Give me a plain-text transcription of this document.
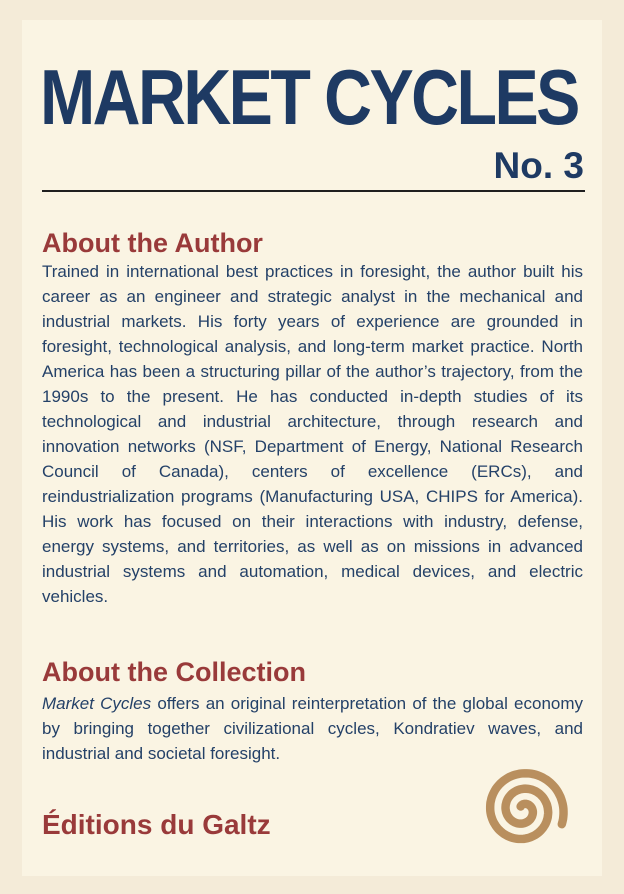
MARKET CYCLES
No. 3
About the Author

Trained in international best practices in foresight, the author built his career as an engineer and strategic analyst in the mechanical and industrial markets. His forty years of experience are grounded in foresight, technological analysis, and long-term market practice. North America has been a structuring pillar of the author’s trajectory, from the 1990s to the present. He has conducted in-depth studies of its technological and industrial architecture, through research and innovation networks (NSF, Department of Energy, National Research Council of Canada), centers of excellence (ERCs), and reindustrialization programs (Manufacturing USA, CHIPS for America). His work has focused on their interactions with industry, defense, energy systems, and territories, as well as on missions in advanced industrial systems and automation, medical devices, and electric vehicles.

About the Collection

Market Cycles offers an original reinterpretation of the global economy by bringing together civilizational cycles, Kondratiev waves, and industrial and societal foresight.

Éditions du Galtz
